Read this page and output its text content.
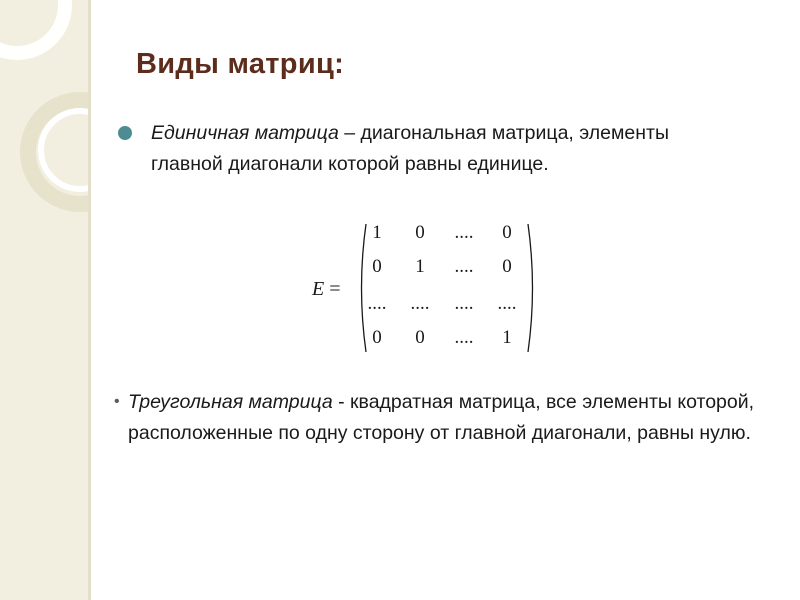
Виды матриц:
Единичная матрица – диагональная матрица, элементы главной диагонали которой равны единице.
E =
1	0	....	0
0	1	....	0
.... .... .... ....
0	0	....	1
• Треугольная матрица - квадратная матрица, все элементы которой, расположенные по одну сторону от главной диагонали, равны нулю.
